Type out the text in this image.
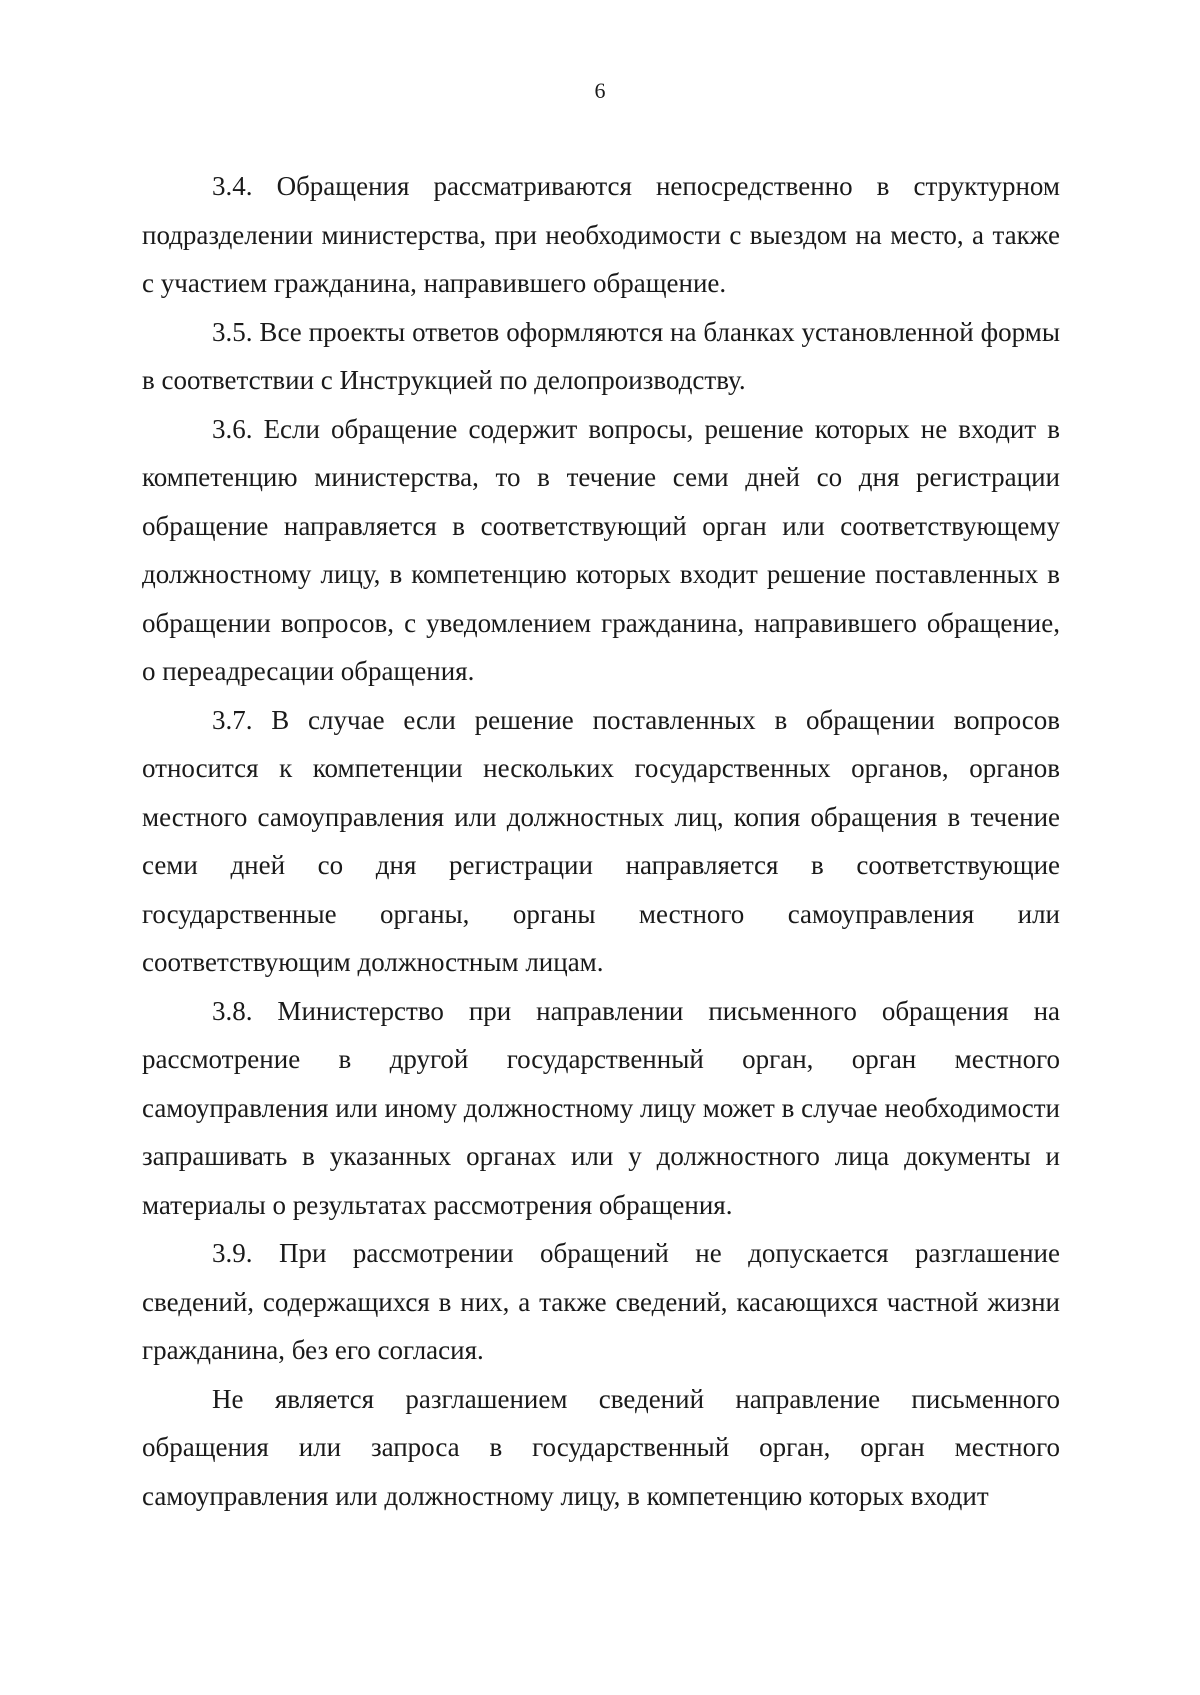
6

3.4. Обращения рассматриваются непосредственно в структурном подразделении министерства, при необходимости с выездом на место, а также с участием гражданина, направившего обращение.

3.5. Все проекты ответов оформляются на бланках установленной формы в соответствии с Инструкцией по делопроизводству.

3.6. Если обращение содержит вопросы, решение которых не входит в компетенцию министерства, то в течение семи дней со дня регистрации обращение направляется в соответствующий орган или соответствующему должностному лицу, в компетенцию которых входит решение поставленных в обращении вопросов, с уведомлением гражданина, направившего обращение, о переадресации обращения.

3.7. В случае если решение поставленных в обращении вопросов относится к компетенции нескольких государственных органов, органов местного самоуправления или должностных лиц, копия обращения в течение семи дней со дня регистрации направляется в соответствующие государственные органы, органы местного самоуправления или соответствующим должностным лицам.

3.8. Министерство при направлении письменного обращения на рассмотрение в другой государственный орган, орган местного самоуправления или иному должностному лицу может в случае необходимости запрашивать в указанных органах или у должностного лица документы и материалы о результатах рассмотрения обращения.

3.9. При рассмотрении обращений не допускается разглашение сведений, содержащихся в них, а также сведений, касающихся частной жизни гражданина, без его согласия.

Не является разглашением сведений направление письменного обращения или запроса в государственный орган, орган местного самоуправления или должностному лицу, в компетенцию которых входит
